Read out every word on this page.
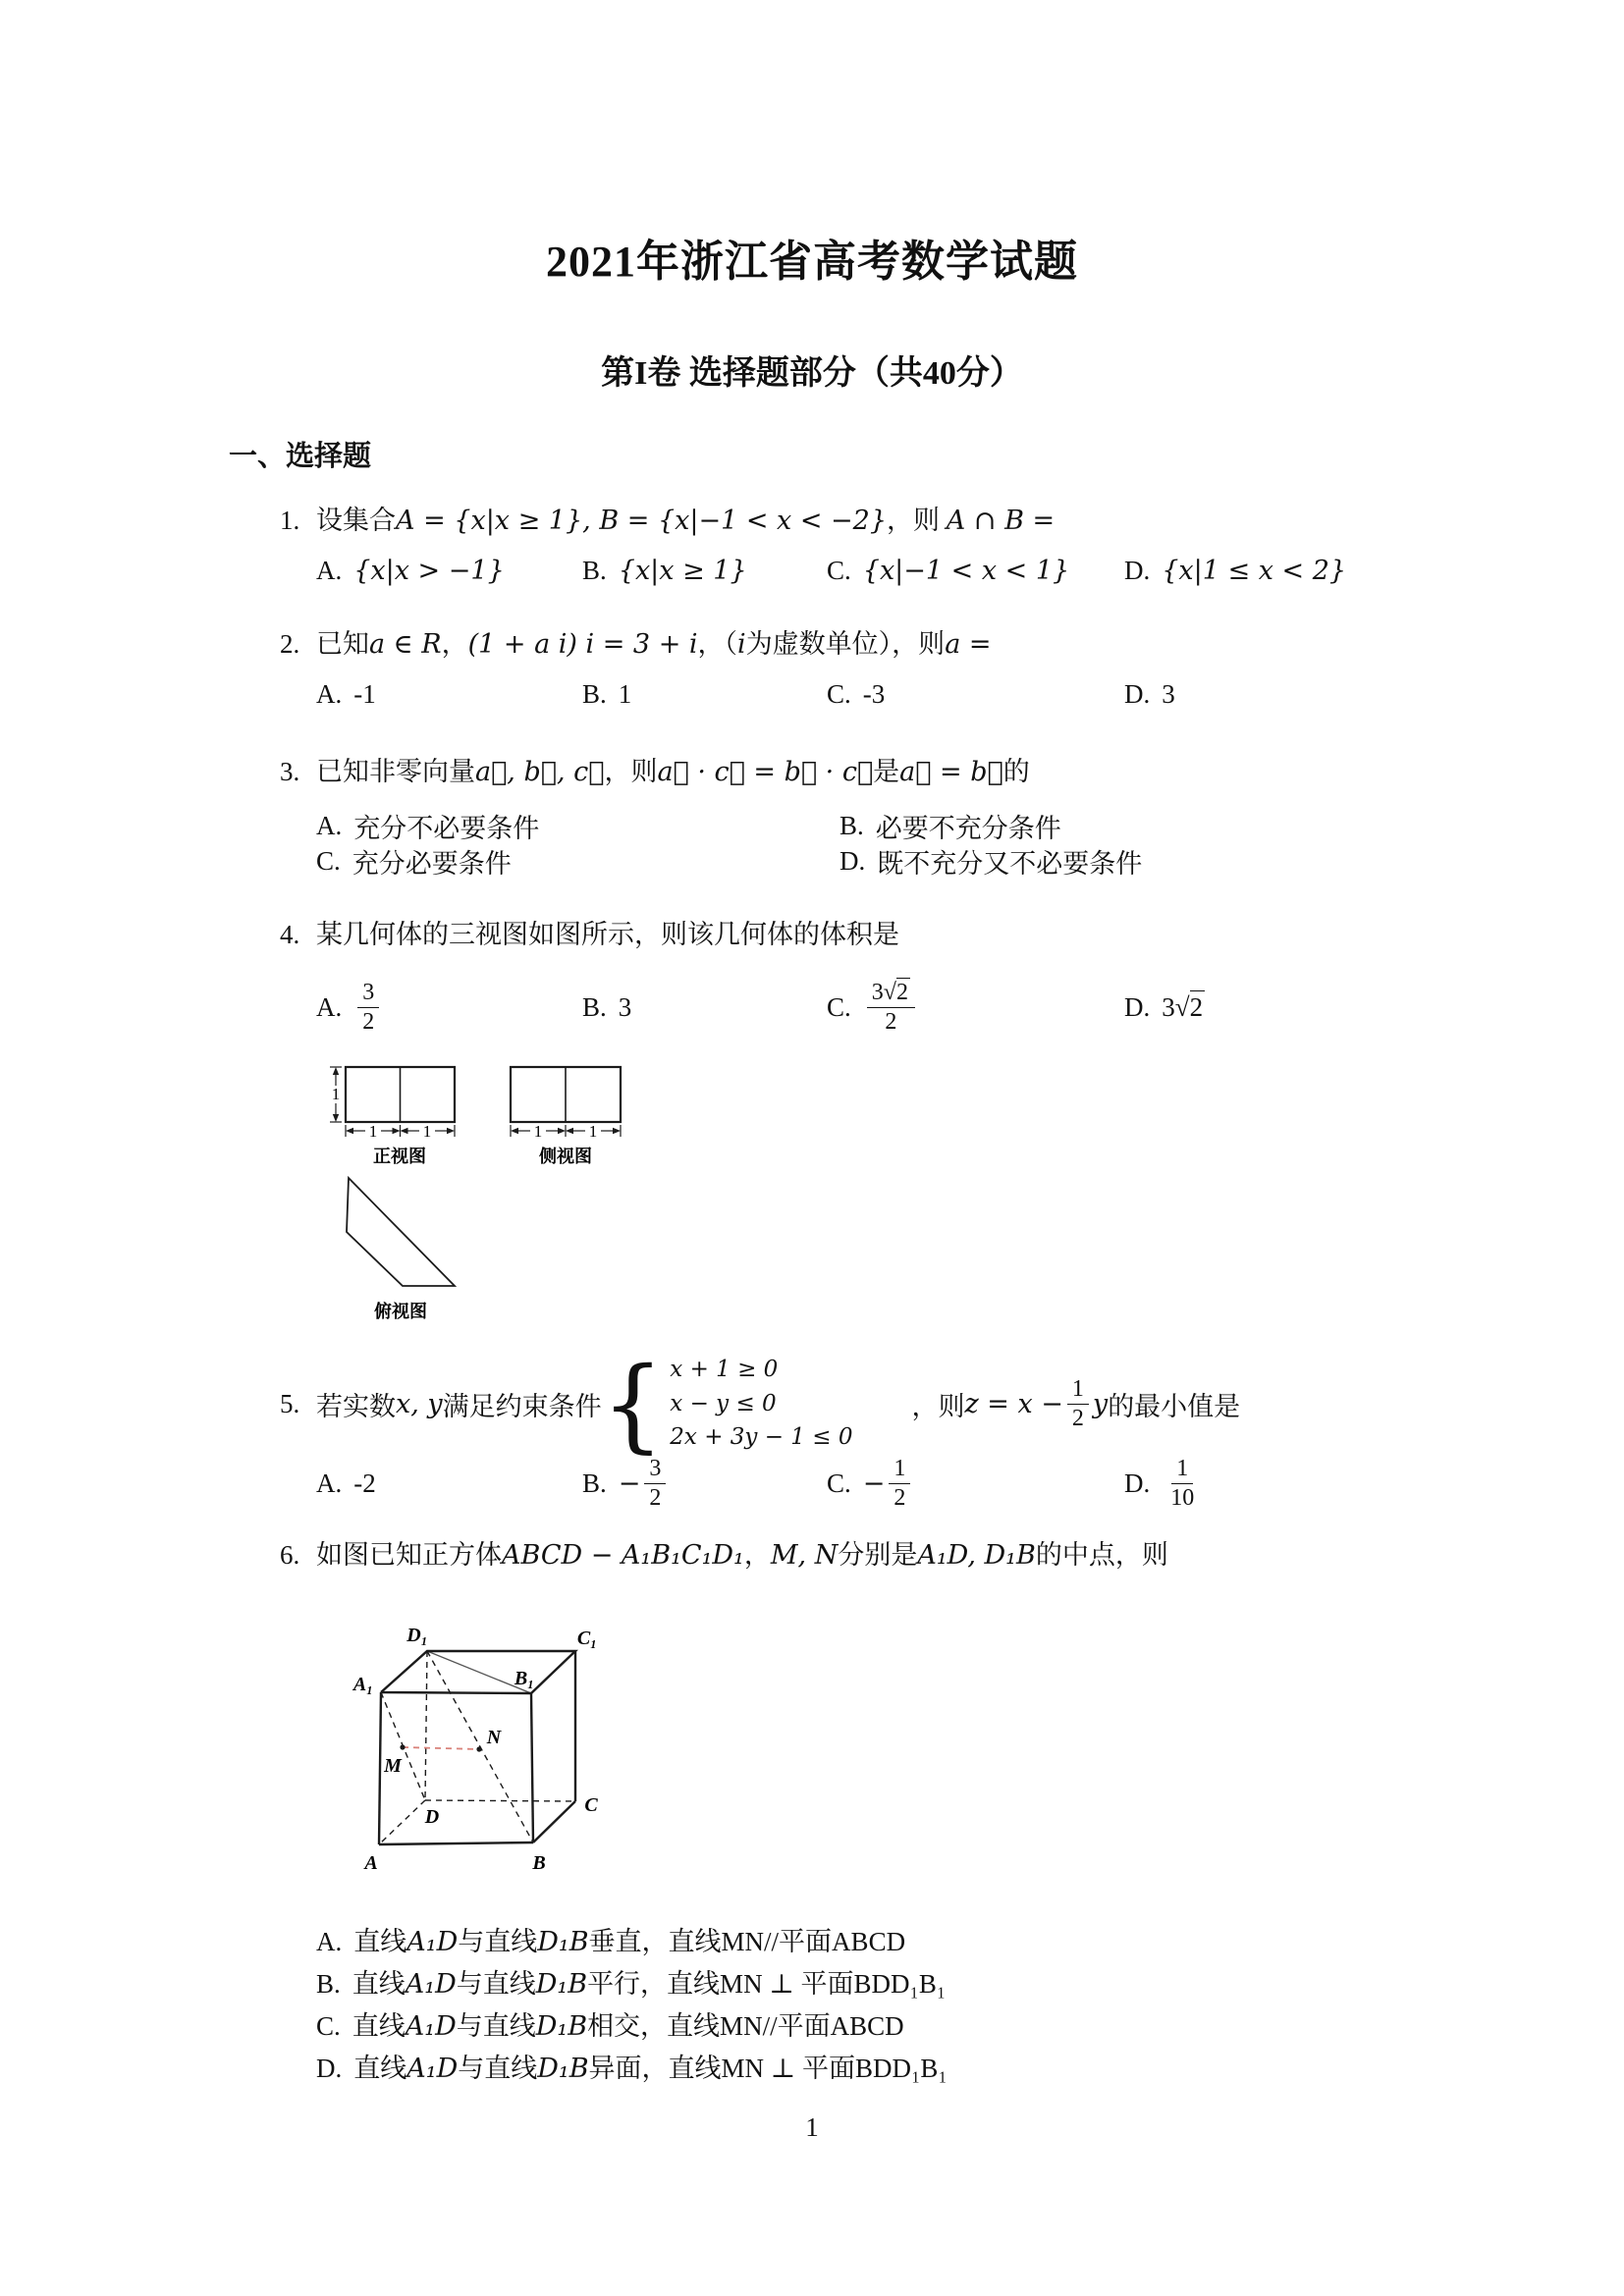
2021年浙江省高考数学试题
第I卷 选择题部分（共40分）
一、选择题
1. 设集合A = {x|x ≥ 1}, B = {x|−1 < x < −2}，则 A ∩ B =
A. {x|x > −1}	B. {x|x ≥ 1}	C. {x|−1 < x < 1} D. {x|1 ≤ x < 2}
2. 已知a ∈ R，(1 + a i) i = 3 + i，（i为虚数单位），则a =
A. -1	B. 1	C. -3	D. 3
3. 已知非零向量a⃗, b⃗, c⃗，则a⃗ · c⃗ = b⃗ · c⃗是a⃗ = b⃗的
A. 充分不必要条件	B. 必要不充分条件
C. 充分必要条件	D. 既不充分又不必要条件
4. 某几何体的三视图如图所示，则该几何体的体积是
A. $\frac{3}{2}$	B. 3	C. $\frac{3√2}{2}$	D. 3√2
1
1	1
正视图
1	1
侧视图
俯视图
5. 若实数 x, y 满足约束条件 { x + 1 ≥ 0
x − y ≤ 0
2x + 3y − 1 ≤ 0
，则 $z = x - \frac{1}{2}$ y 的最小值是
A. -2	B. − $\frac{3}{2}$	C. − $\frac{1}{2}$	D. $\frac{1}{10}$
6. 如图已知正方体ABCD − A₁B₁C₁D₁，M, N分别是A₁D, D₁B的中点，则
D₁	C₁
A₁	B₁
A	B
C
D
M
N
A. 直线A₁D与直线D₁B垂直，直线MN//平面ABCD
B. 直线A₁D与直线D₁B平行，直线MN ⊥ 平面BDD₁B₁
C. 直线A₁D与直线D₁B相交，直线MN//平面ABCD
D. 直线A₁D与直线D₁B异面，直线MN ⊥ 平面BDD₁B₁
1
